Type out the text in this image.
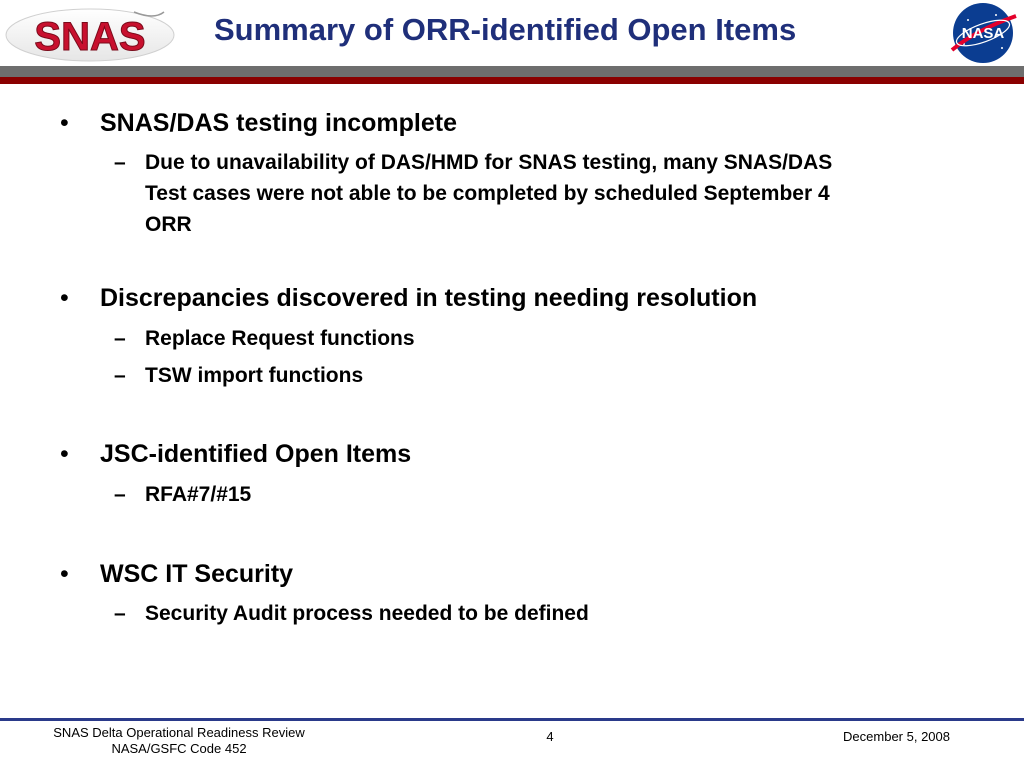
SNAS Summary of ORR-identified Open Items	NASA
•	SNAS/DAS testing incomplete
– Due to unavailability of DAS/HMD for SNAS testing, many SNAS/DAS Test cases were not able to be completed by scheduled September 4 ORR
•	Discrepancies discovered in testing needing resolution
– Replace Request functions
– TSW import functions
•	JSC-identified Open Items
– RFA#7/#15
•	WSC IT Security
– Security Audit process needed to be defined
SNAS Delta Operational Readiness Review
NASA/GSFC Code 452
4	December 5, 2008
